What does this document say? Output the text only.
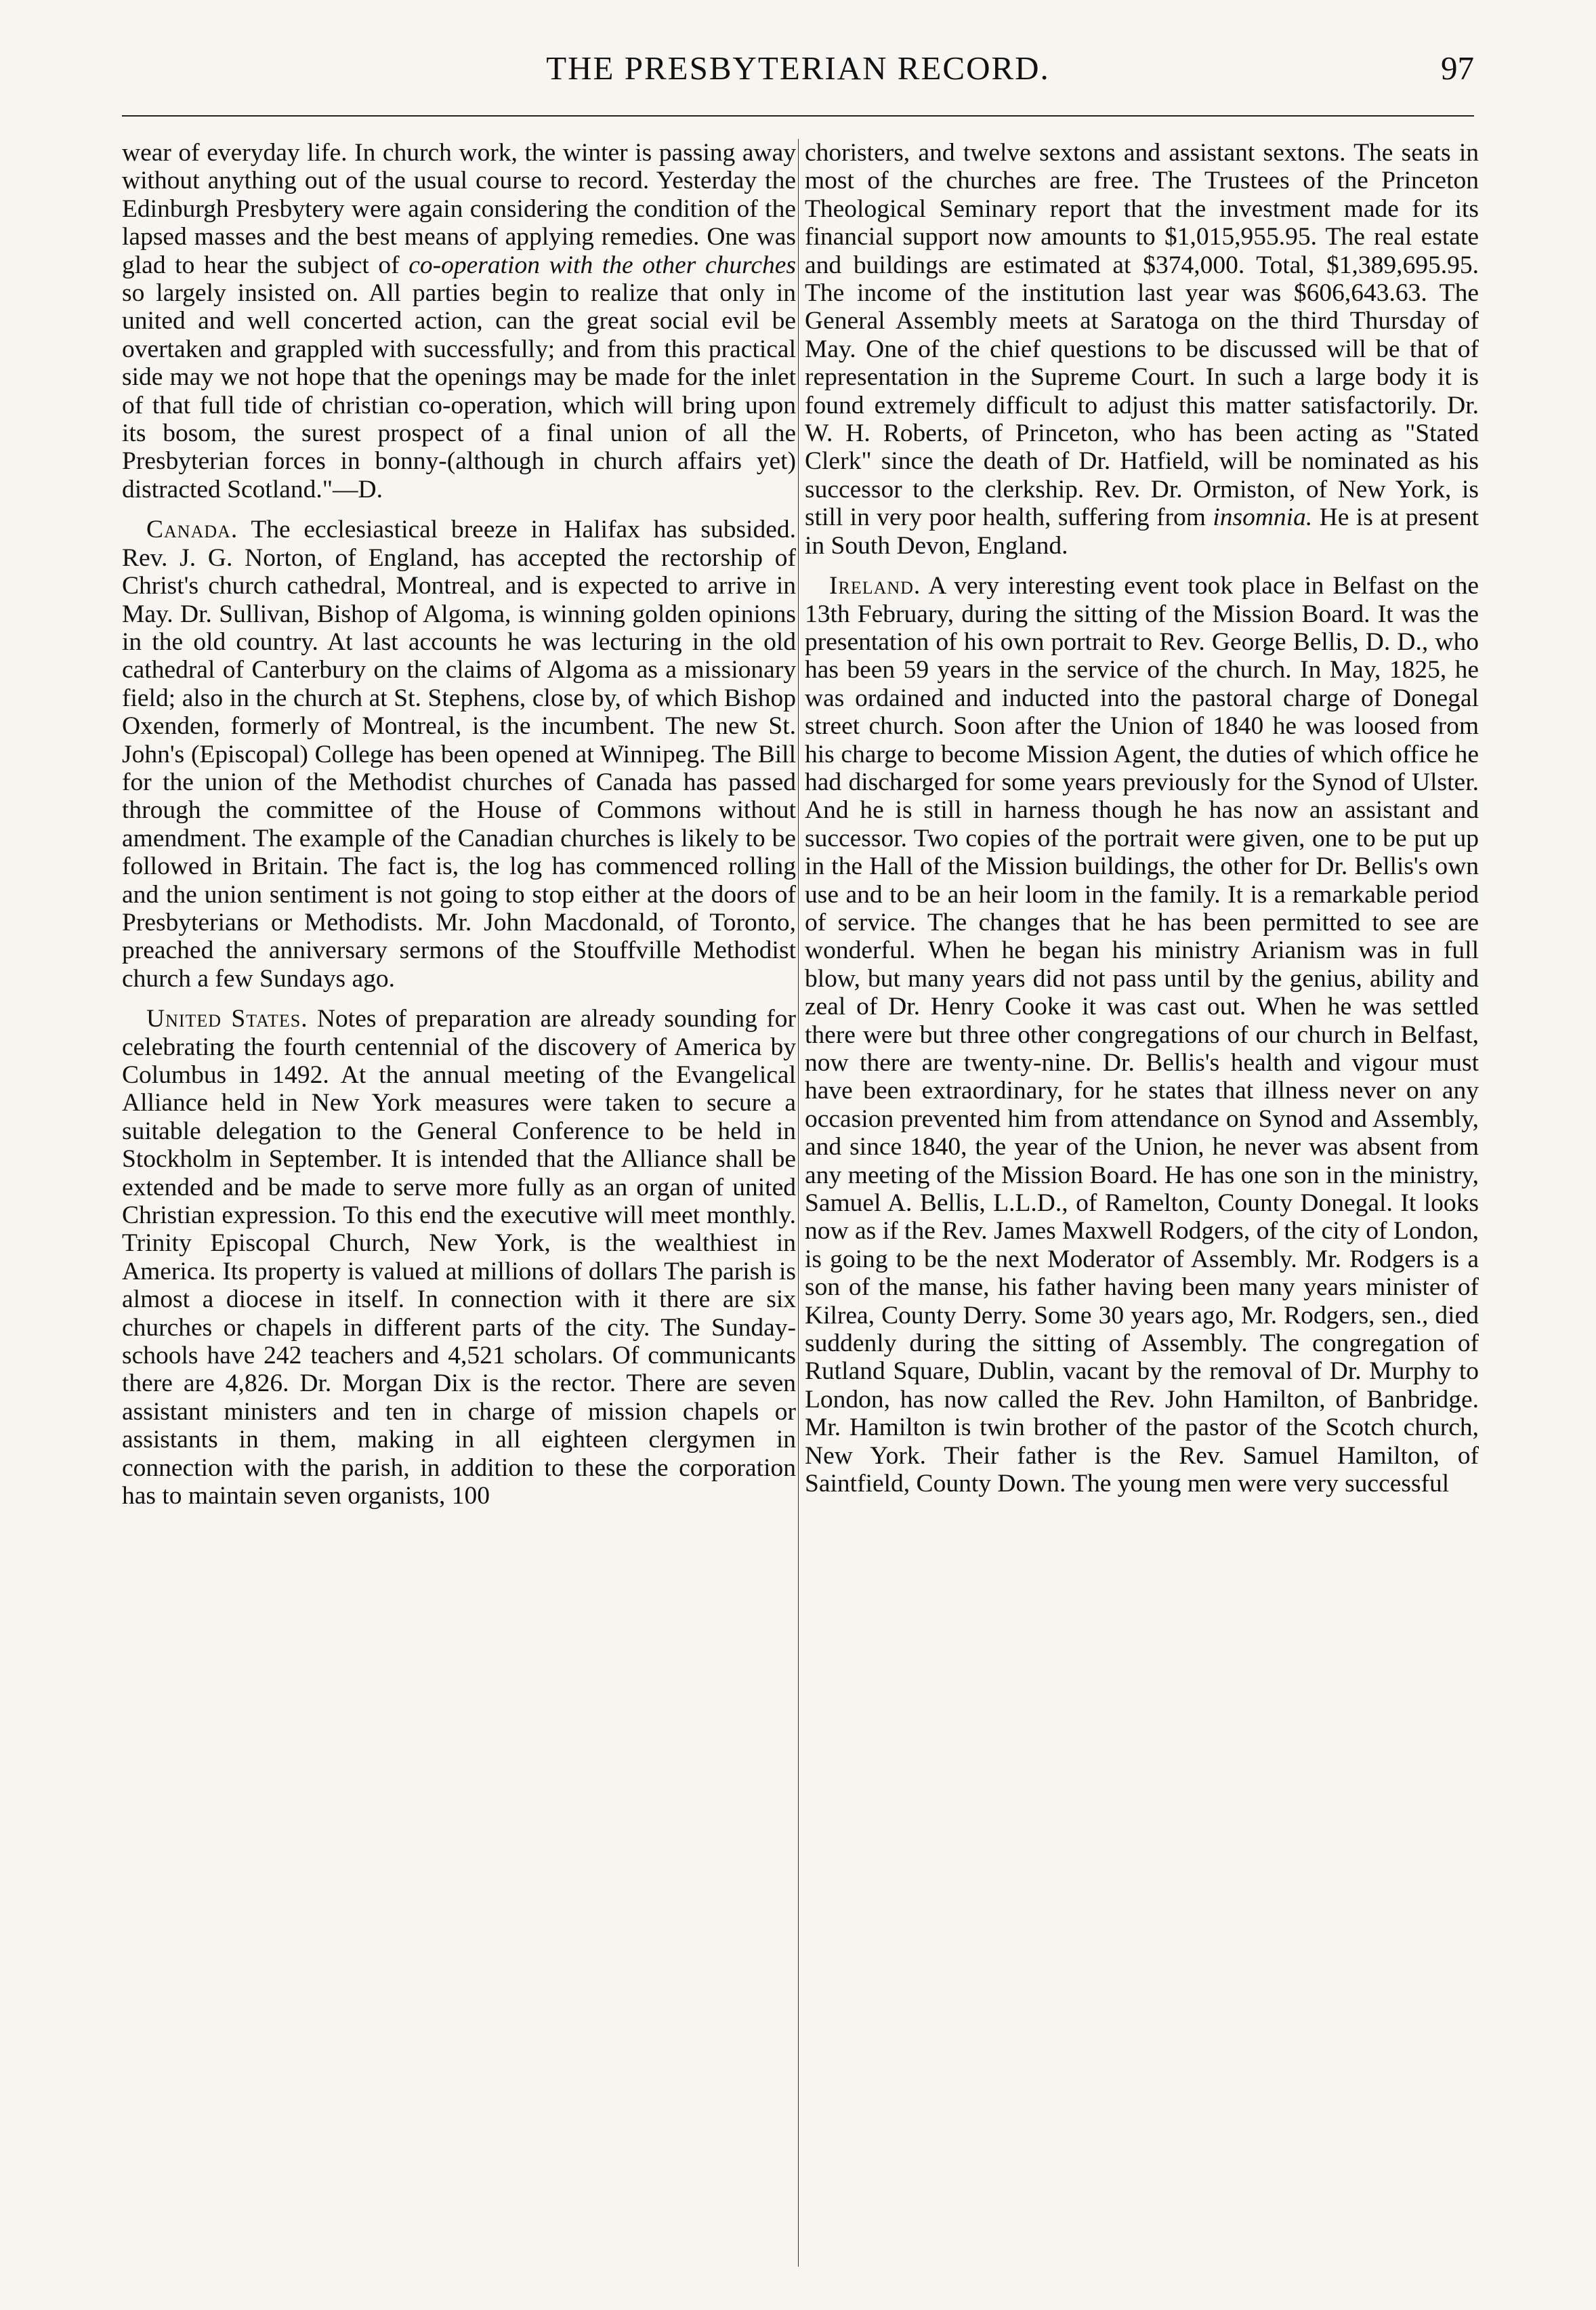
THE PRESBYTERIAN RECORD.	97

wear of everyday life. In church work, the winter is passing away without anything out of the usual course to record. Yesterday the Edinburgh Presbytery were again considering the condition of the lapsed masses and the best means of applying remedies. One was glad to hear the subject of co-operation with the other churches so largely insisted on. All parties begin to realize that only in united and well concerted action, can the great social evil be overtaken and grappled with successfully; and from this practical side may we not hope that the openings may be made for the inlet of that full tide of christian co-operation, which will bring upon its bosom, the surest prospect of a final union of all the Presbyterian forces in bonny-(although in church affairs yet) distracted Scotland."—D.

Canada. The ecclesiastical breeze in Halifax has subsided. Rev. J. G. Norton, of England, has accepted the rectorship of Christ's church cathedral, Montreal, and is expected to arrive in May. Dr. Sullivan, Bishop of Algoma, is winning golden opinions in the old country. At last accounts he was lecturing in the old cathedral of Canterbury on the claims of Algoma as a missionary field; also in the church at St. Stephens, close by, of which Bishop Oxenden, formerly of Montreal, is the incumbent. The new St. John's (Episcopal) College has been opened at Winnipeg. The Bill for the union of the Methodist churches of Canada has passed through the committee of the House of Commons without amendment. The example of the Canadian churches is likely to be followed in Britain. The fact is, the log has commenced rolling and the union sentiment is not going to stop either at the doors of Presbyterians or Methodists. Mr. John Macdonald, of Toronto, preached the anniversary sermons of the Stouffville Methodist church a few Sundays ago.

United States. Notes of preparation are already sounding for celebrating the fourth centennial of the discovery of America by Columbus in 1492. At the annual meeting of the Evangelical Alliance held in New York measures were taken to secure a suitable delegation to the General Conference to be held in Stockholm in September. It is intended that the Alliance shall be extended and be made to serve more fully as an organ of united Christian expression. To this end the executive will meet monthly. Trinity Episcopal Church, New York, is the wealthiest in America. Its property is valued at millions of dollars The parish is almost a diocese in itself. In connection with it there are six churches or chapels in different parts of the city. The Sunday-schools have 242 teachers and 4,521 scholars. Of communicants there are 4,826. Dr. Morgan Dix is the rector. There are seven assistant ministers and ten in charge of mission chapels or assistants in them, making in all eighteen clergymen in connection with the parish, in addition to these the corporation has to maintain seven organists, 100

choristers, and twelve sextons and assistant sextons. The seats in most of the churches are free. The Trustees of the Princeton Theological Seminary report that the investment made for its financial support now amounts to $1,015,955.95. The real estate and buildings are estimated at $374,000. Total, $1,389,695.95. The income of the institution last year was $606,643.63. The General Assembly meets at Saratoga on the third Thursday of May. One of the chief questions to be discussed will be that of representation in the Supreme Court. In such a large body it is found extremely difficult to adjust this matter satisfactorily. Dr. W. H. Roberts, of Princeton, who has been acting as "Stated Clerk" since the death of Dr. Hatfield, will be nominated as his successor to the clerkship. Rev. Dr. Ormiston, of New York, is still in very poor health, suffering from insomnia. He is at present in South Devon, England.

Ireland. A very interesting event took place in Belfast on the 13th February, during the sitting of the Mission Board. It was the presentation of his own portrait to Rev. George Bellis, D. D., who has been 59 years in the service of the church. In May, 1825, he was ordained and inducted into the pastoral charge of Donegal street church. Soon after the Union of 1840 he was loosed from his charge to become Mission Agent, the duties of which office he had discharged for some years previously for the Synod of Ulster. And he is still in harness though he has now an assistant and successor. Two copies of the portrait were given, one to be put up in the Hall of the Mission buildings, the other for Dr. Bellis's own use and to be an heir loom in the family. It is a remarkable period of service. The changes that he has been permitted to see are wonderful. When he began his ministry Arianism was in full blow, but many years did not pass until by the genius, ability and zeal of Dr. Henry Cooke it was cast out. When he was settled there were but three other congregations of our church in Belfast, now there are twenty-nine. Dr. Bellis's health and vigour must have been extraordinary, for he states that illness never on any occasion prevented him from attendance on Synod and Assembly, and since 1840, the year of the Union, he never was absent from any meeting of the Mission Board. He has one son in the ministry, Samuel A. Bellis, L.L.D., of Ramelton, County Donegal. It looks now as if the Rev. James Maxwell Rodgers, of the city of London, is going to be the next Moderator of Assembly. Mr. Rodgers is a son of the manse, his father having been many years minister of Kilrea, County Derry. Some 30 years ago, Mr. Rodgers, sen., died suddenly during the sitting of Assembly. The congregation of Rutland Square, Dublin, vacant by the removal of Dr. Murphy to London, has now called the Rev. John Hamilton, of Banbridge. Mr. Hamilton is twin brother of the pastor of the Scotch church, New York. Their father is the Rev. Samuel Hamilton, of Saintfield, County Down. The young men were very successful
